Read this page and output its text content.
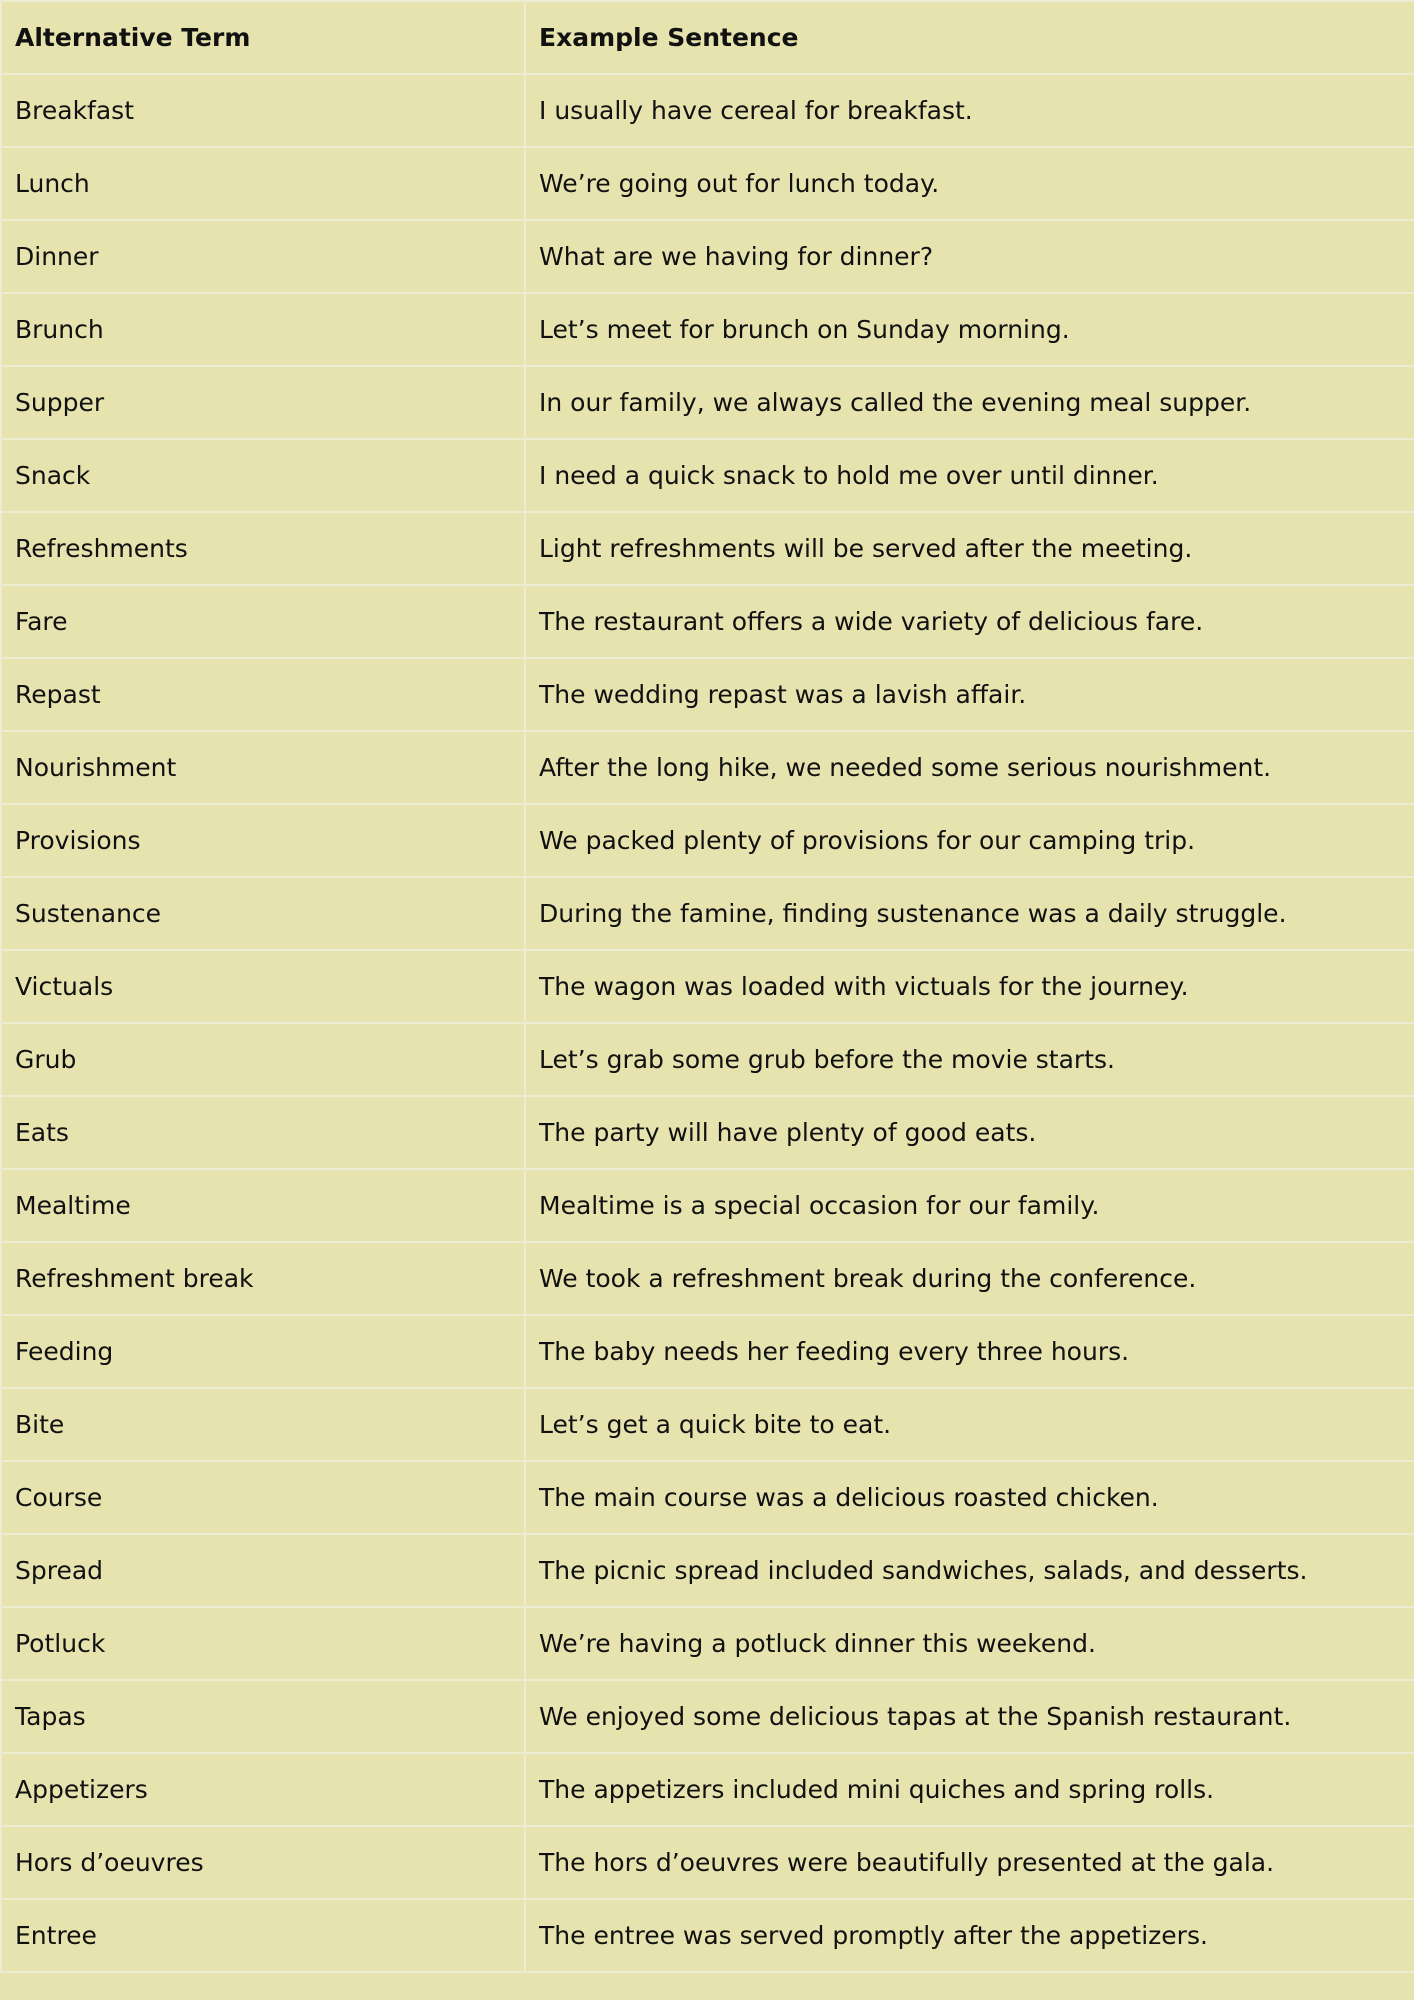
Alternative Term	Example Sentence
Breakfast	I usually have cereal for breakfast.
Lunch	We’re going out for lunch today.
Dinner	What are we having for dinner?
Brunch	Let’s meet for brunch on Sunday morning.
Supper	In our family, we always called the evening meal supper.
Snack	I need a quick snack to hold me over until dinner.
Refreshments	Light refreshments will be served after the meeting.
Fare	The restaurant offers a wide variety of delicious fare.
Repast	The wedding repast was a lavish affair.
Nourishment	After the long hike, we needed some serious nourishment.
Provisions	We packed plenty of provisions for our camping trip.
Sustenance	During the famine, finding sustenance was a daily struggle.
Victuals	The wagon was loaded with victuals for the journey.
Grub	Let’s grab some grub before the movie starts.
Eats	The party will have plenty of good eats.
Mealtime	Mealtime is a special occasion for our family.
Refreshment break	We took a refreshment break during the conference.
Feeding	The baby needs her feeding every three hours.
Bite	Let’s get a quick bite to eat.
Course	The main course was a delicious roasted chicken.
Spread	The picnic spread included sandwiches, salads, and desserts.
Potluck	We’re having a potluck dinner this weekend.
Tapas	We enjoyed some delicious tapas at the Spanish restaurant.
Appetizers	The appetizers included mini quiches and spring rolls.
Hors d’oeuvres	The hors d’oeuvres were beautifully presented at the gala.
Entree	The entree was served promptly after the appetizers.
